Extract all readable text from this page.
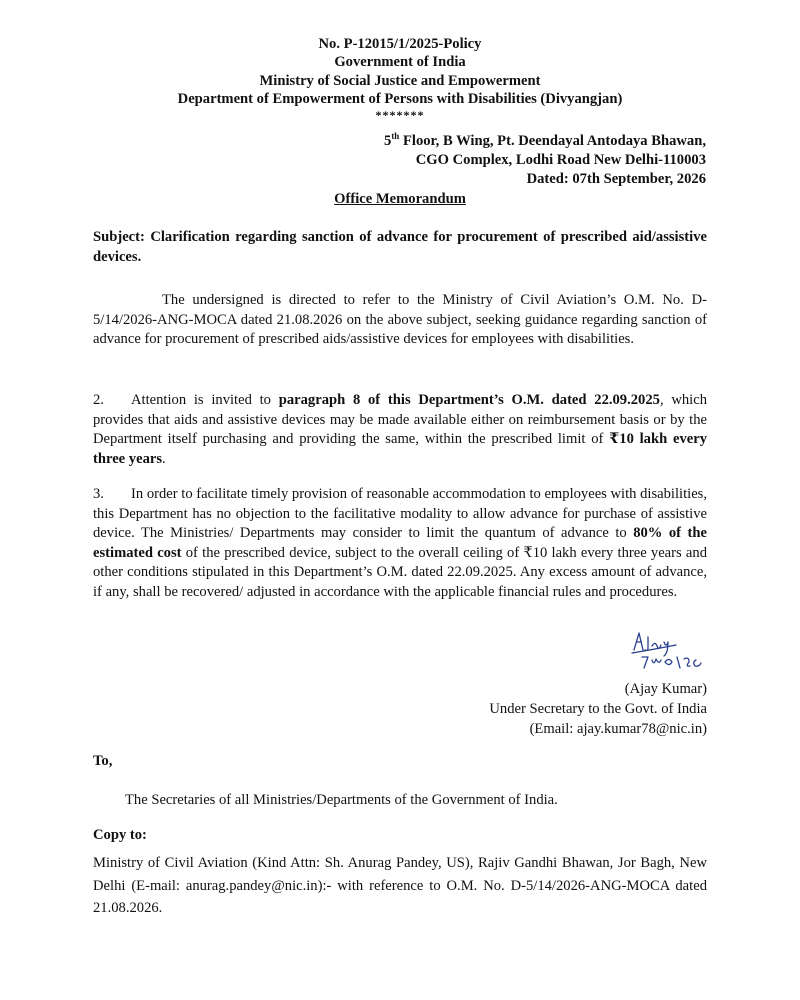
No. P-12015/1/2025-Policy
Government of India
Ministry of Social Justice and Empowerment
Department of Empowerment of Persons with Disabilities (Divyangjan)
*******
5th Floor, B Wing, Pt. Deendayal Antodaya Bhawan,
CGO Complex, Lodhi Road New Delhi-110003
Dated: 07th September, 2026
Office Memorandum
Subject: Clarification regarding sanction of advance for procurement of prescribed aid/assistive devices.
The undersigned is directed to refer to the Ministry of Civil Aviation’s O.M. No. D-5/14/2026-ANG-MOCA dated 21.08.2026 on the above subject, seeking guidance regarding sanction of advance for procurement of prescribed aids/assistive devices for employees with disabilities.
2. Attention is invited to paragraph 8 of this Department’s O.M. dated 22.09.2025, which provides that aids and assistive devices may be made available either on reimbursement basis or by the Department itself purchasing and providing the same, within the prescribed limit of ₹10 lakh every three years.
3. In order to facilitate timely provision of reasonable accommodation to employees with disabilities, this Department has no objection to the facilitative modality to allow advance for purchase of assistive device. The Ministries/ Departments may consider to limit the quantum of advance to 80% of the estimated cost of the prescribed device, subject to the overall ceiling of ₹10 lakh every three years and other conditions stipulated in this Department’s O.M. dated 22.09.2025. Any excess amount of advance, if any, shall be recovered/ adjusted in accordance with the applicable financial rules and procedures.
(Ajay Kumar)
Under Secretary to the Govt. of India
(Email: ajay.kumar78@nic.in)
To,
The Secretaries of all Ministries/Departments of the Government of India.
Copy to:
Ministry of Civil Aviation (Kind Attn: Sh. Anurag Pandey, US), Rajiv Gandhi Bhawan, Jor Bagh, New Delhi (E-mail: anurag.pandey@nic.in):- with reference to O.M. No. D-5/14/2026-ANG-MOCA dated 21.08.2026.
